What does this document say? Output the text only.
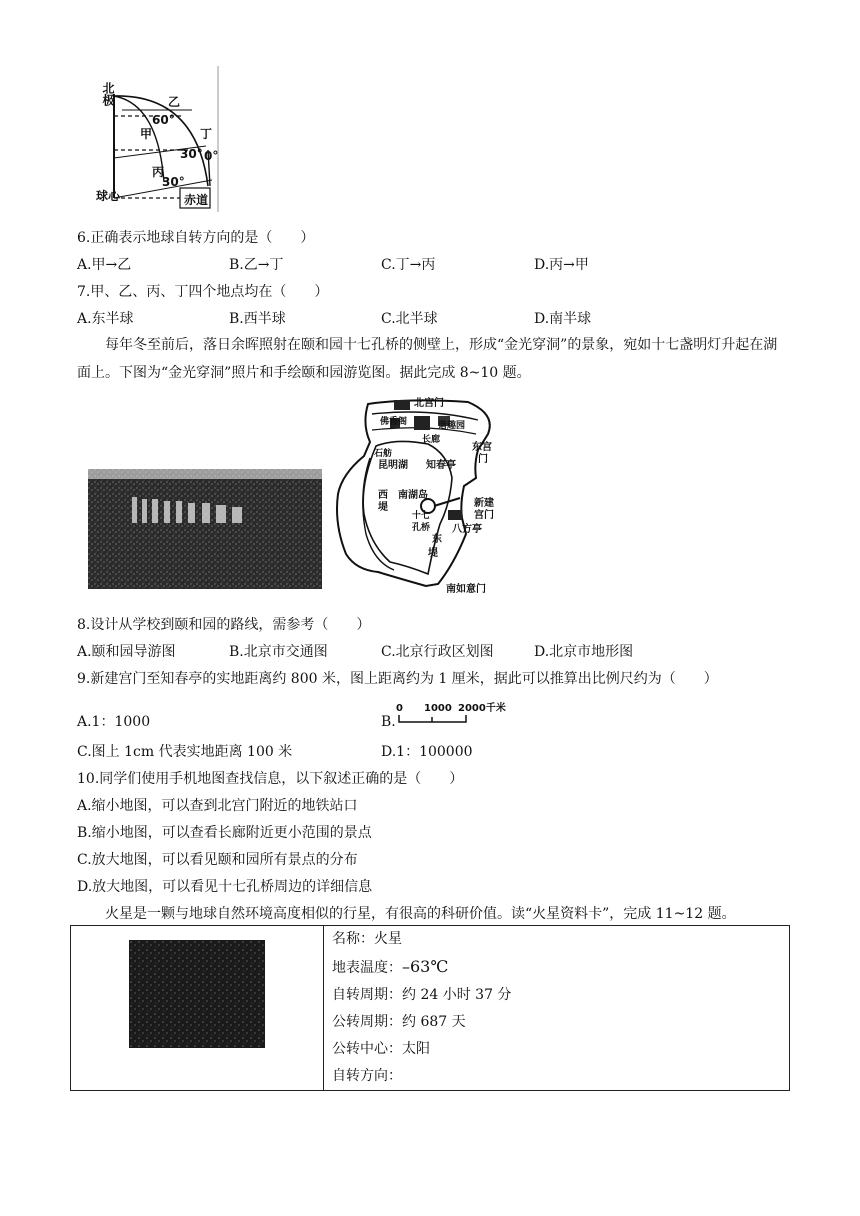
北极	乙
60°
甲	丁
30° 0°
丙
30°
球心	赤道
6.正确表示地球自转方向的是（　　）
A.甲→乙	B.乙→丁	C.丁→丙	D.丙→甲
7.甲、乙、丙、丁四个地点均在（　　）
A.东半球	B.西半球	C.北半球	D.南半球
每年冬至前后，落日余晖照射在颐和园十七孔桥的侧壁上，形成“金光穿洞”的景象，宛如十七盏明灯升起在湖面上。下图为“金光穿洞”照片和手绘颐和园游览图。据此完成 8~10 题。
北宫门
佛香阁	谐趣园
长廊
东宫
门
石舫
昆明湖 知春亭
新建
宫门
南湖岛
西
堤
十七
孔桥 八方亭
东
堤
南如意门
8.设计从学校到颐和园的路线，需参考（　　）
A.颐和园导游图	B.北京市交通图	C.北京行政区划图	D.北京市地形图
9.新建宫门至知春亭的实地距离约 800 米，图上距离约为 1 厘米，据此可以推算出比例尺约为（　　）
A.1：1000	B.
0 1000 2000千米
C.图上 1cm 代表实地距离 100 米	D.1：100000
10.同学们使用手机地图查找信息，以下叙述正确的是（　　）
A.缩小地图，可以查到北宫门附近的地铁站口
B.缩小地图，可以查看长廊附近更小范围的景点
C.放大地图，可以看见颐和园所有景点的分布
D.放大地图，可以看见十七孔桥周边的详细信息
火星是一颗与地球自然环境高度相似的行星，有很高的科研价值。读“火星资料卡”，完成 11~12 题。

名称：火星
地表温度：–63℃
自转周期：约 24 小时 37 分
公转周期：约 687 天
公转中心：太阳
自转方向：
